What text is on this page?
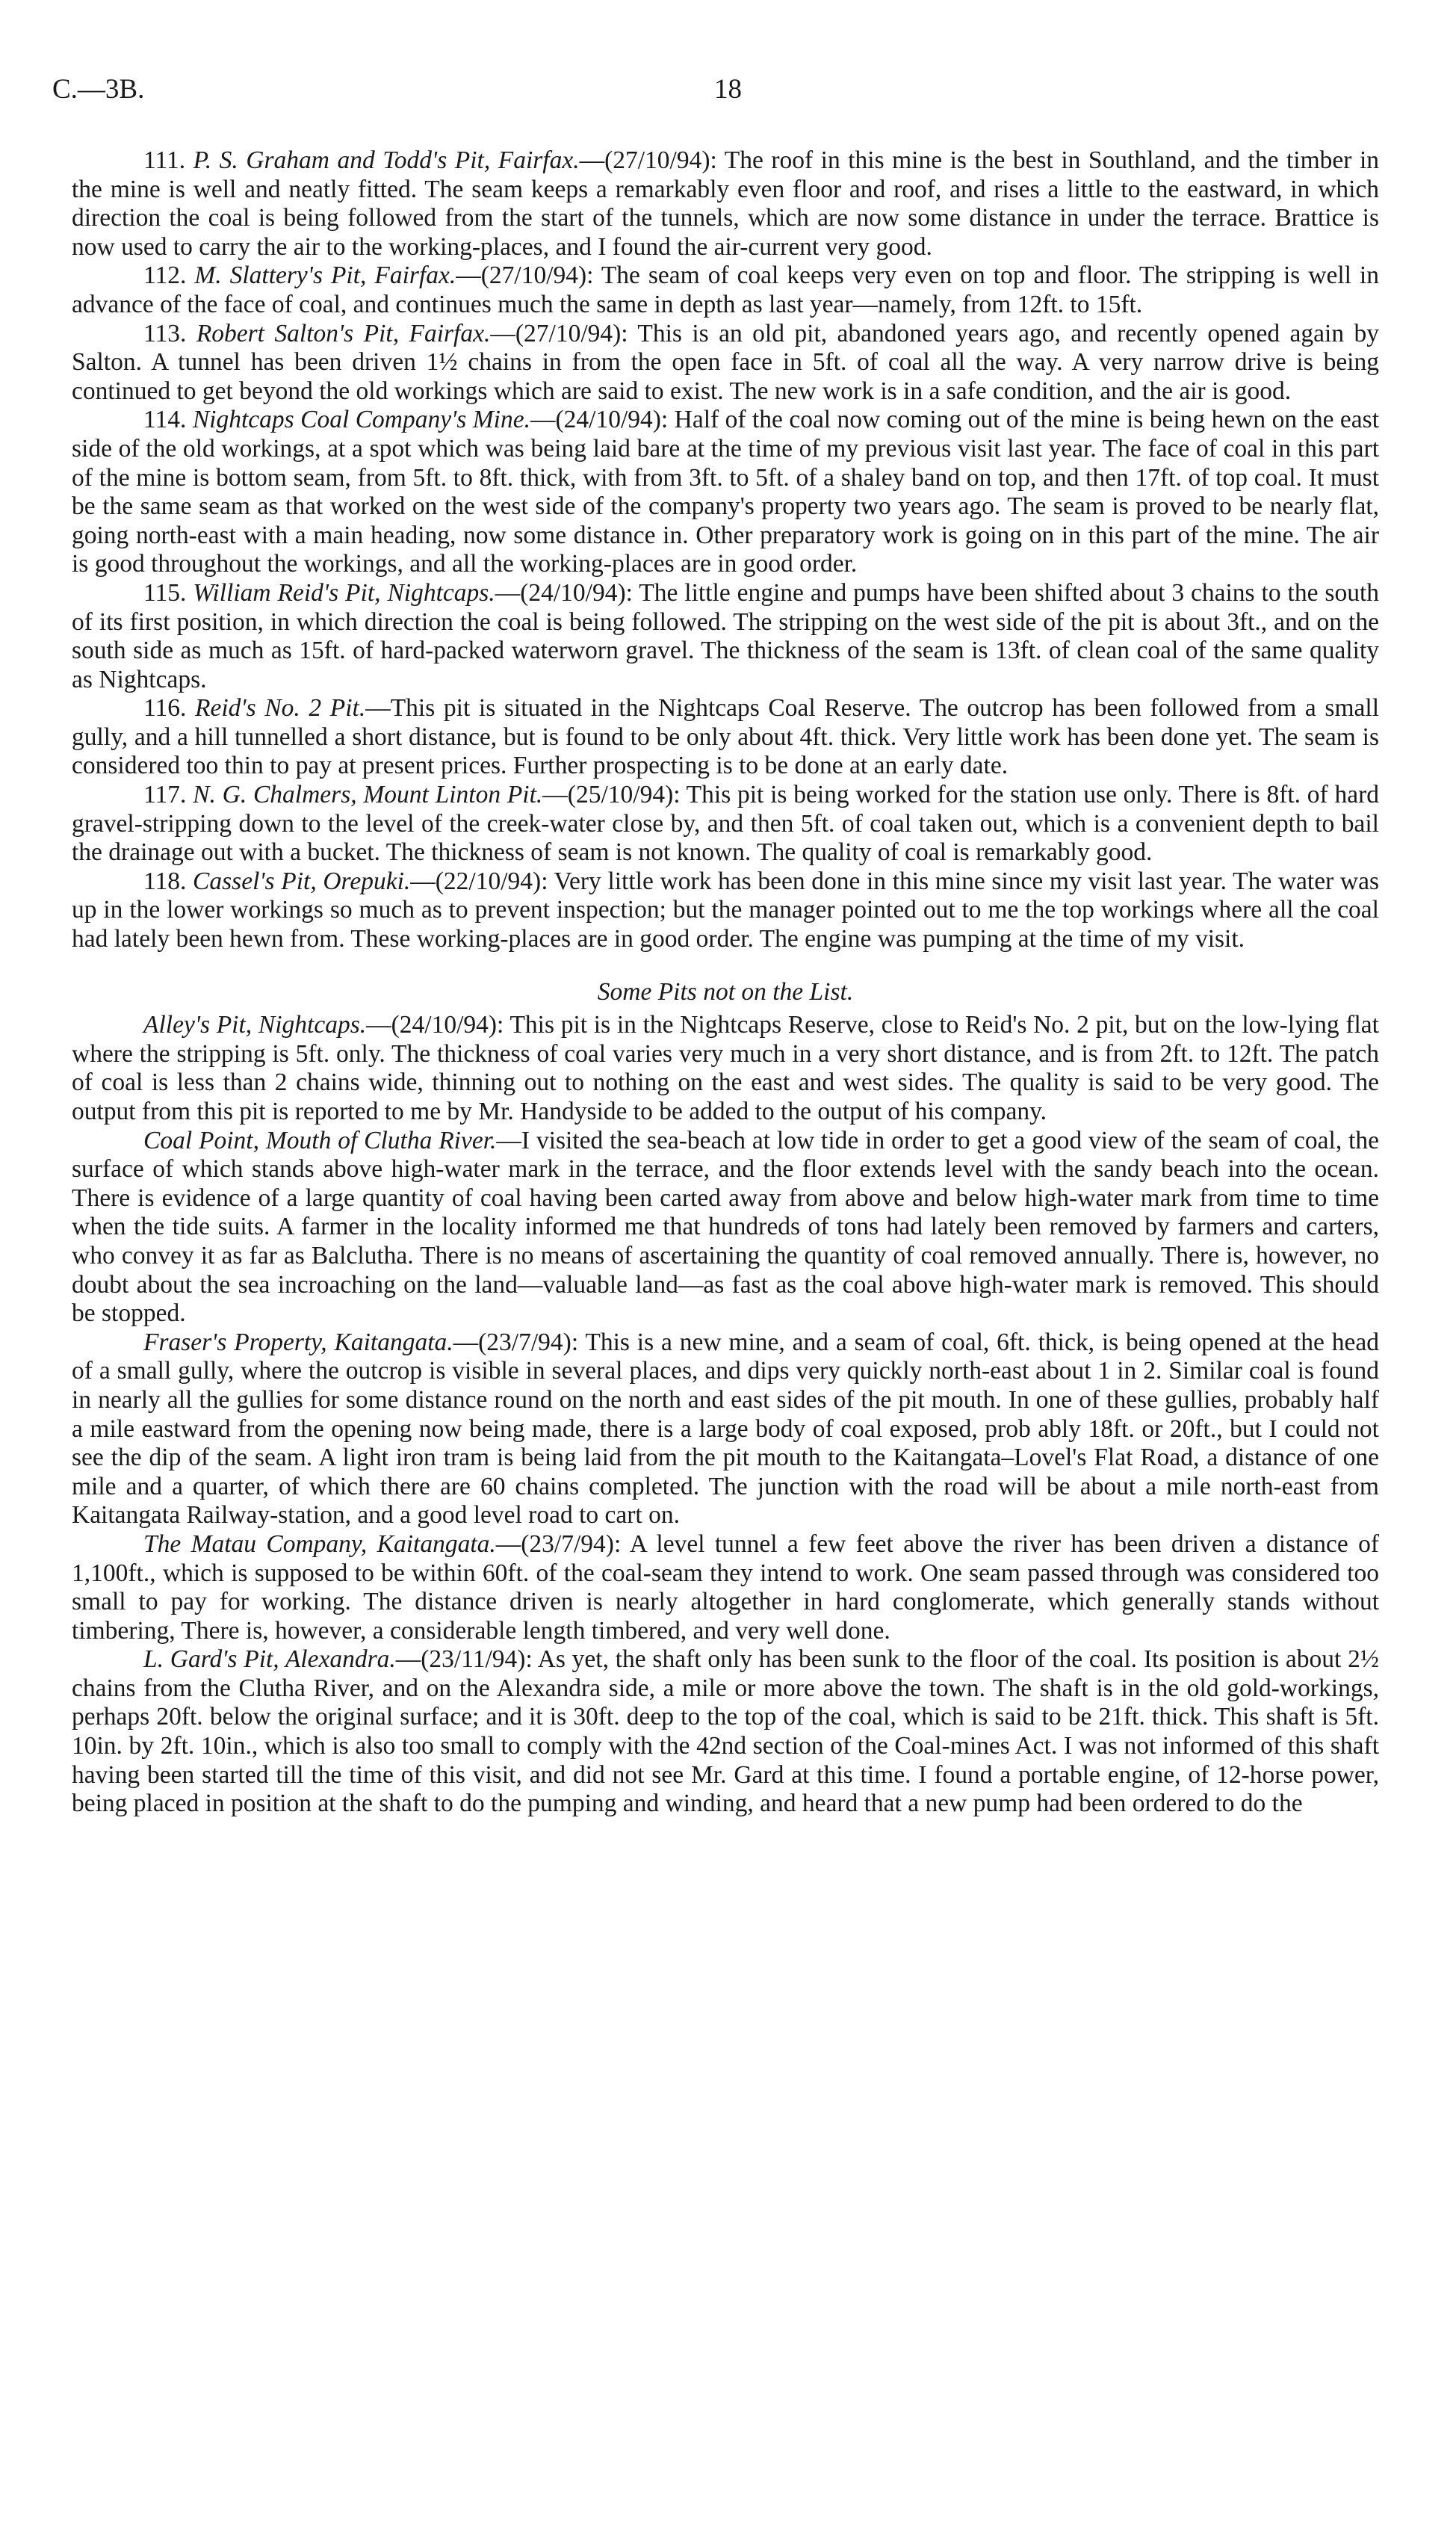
C.—3B.	18

111. P. S. Graham and Todd's Pit, Fairfax.—(27/10/94): The roof in this mine is the best in Southland, and the timber in the mine is well and neatly fitted. The seam keeps a remarkably even floor and roof, and rises a little to the eastward, in which direction the coal is being followed from the start of the tunnels, which are now some distance in under the terrace. Brattice is now used to carry the air to the working-places, and I found the air-current very good.

112. M. Slattery's Pit, Fairfax.—(27/10/94): The seam of coal keeps very even on top and floor. The stripping is well in advance of the face of coal, and continues much the same in depth as last year—namely, from 12ft. to 15ft.

113. Robert Salton's Pit, Fairfax.—(27/10/94): This is an old pit, abandoned years ago, and recently opened again by Salton. A tunnel has been driven 1½ chains in from the open face in 5ft. of coal all the way. A very narrow drive is being continued to get beyond the old workings which are said to exist. The new work is in a safe condition, and the air is good.

114. Nightcaps Coal Company's Mine.—(24/10/94): Half of the coal now coming out of the mine is being hewn on the east side of the old workings, at a spot which was being laid bare at the time of my previous visit last year. The face of coal in this part of the mine is bottom seam, from 5ft. to 8ft. thick, with from 3ft. to 5ft. of a shaley band on top, and then 17ft. of top coal. It must be the same seam as that worked on the west side of the company's property two years ago. The seam is proved to be nearly flat, going north-east with a main heading, now some distance in. Other preparatory work is going on in this part of the mine. The air is good throughout the workings, and all the working-places are in good order.

115. William Reid's Pit, Nightcaps.—(24/10/94): The little engine and pumps have been shifted about 3 chains to the south of its first position, in which direction the coal is being followed. The stripping on the west side of the pit is about 3ft., and on the south side as much as 15ft. of hard-packed waterworn gravel. The thickness of the seam is 13ft. of clean coal of the same quality as Nightcaps.

116. Reid's No. 2 Pit.—This pit is situated in the Nightcaps Coal Reserve. The outcrop has been followed from a small gully, and a hill tunnelled a short distance, but is found to be only about 4ft. thick. Very little work has been done yet. The seam is considered too thin to pay at present prices. Further prospecting is to be done at an early date.

117. N. G. Chalmers, Mount Linton Pit.—(25/10/94): This pit is being worked for the station use only. There is 8ft. of hard gravel-stripping down to the level of the creek-water close by, and then 5ft. of coal taken out, which is a convenient depth to bail the drainage out with a bucket. The thickness of seam is not known. The quality of coal is remarkably good.

118. Cassel's Pit, Orepuki.—(22/10/94): Very little work has been done in this mine since my visit last year. The water was up in the lower workings so much as to prevent inspection; but the manager pointed out to me the top workings where all the coal had lately been hewn from. These working-places are in good order. The engine was pumping at the time of my visit.

Some Pits not on the List.

Alley's Pit, Nightcaps.—(24/10/94): This pit is in the Nightcaps Reserve, close to Reid's No. 2 pit, but on the low-lying flat where the stripping is 5ft. only. The thickness of coal varies very much in a very short distance, and is from 2ft. to 12ft. The patch of coal is less than 2 chains wide, thinning out to nothing on the east and west sides. The quality is said to be very good. The output from this pit is reported to me by Mr. Handyside to be added to the output of his company.

Coal Point, Mouth of Clutha River.—I visited the sea-beach at low tide in order to get a good view of the seam of coal, the surface of which stands above high-water mark in the terrace, and the floor extends level with the sandy beach into the ocean. There is evidence of a large quantity of coal having been carted away from above and below high-water mark from time to time when the tide suits. A farmer in the locality informed me that hundreds of tons had lately been removed by farmers and carters, who convey it as far as Balclutha. There is no means of ascertaining the quantity of coal removed annually. There is, however, no doubt about the sea incroaching on the land—valuable land—as fast as the coal above high-water mark is removed. This should be stopped.

Fraser's Property, Kaitangata.—(23/7/94): This is a new mine, and a seam of coal, 6ft. thick, is being opened at the head of a small gully, where the outcrop is visible in several places, and dips very quickly north-east about 1 in 2. Similar coal is found in nearly all the gullies for some distance round on the north and east sides of the pit mouth. In one of these gullies, probably half a mile eastward from the opening now being made, there is a large body of coal exposed, prob ably 18ft. or 20ft., but I could not see the dip of the seam. A light iron tram is being laid from the pit mouth to the Kaitangata–Lovel's Flat Road, a distance of one mile and a quarter, of which there are 60 chains completed. The junction with the road will be about a mile north-east from Kaitangata Railway-station, and a good level road to cart on.

The Matau Company, Kaitangata.—(23/7/94): A level tunnel a few feet above the river has been driven a distance of 1,100ft., which is supposed to be within 60ft. of the coal-seam they intend to work. One seam passed through was considered too small to pay for working. The distance driven is nearly altogether in hard conglomerate, which generally stands without timbering, There is, however, a considerable length timbered, and very well done.

L. Gard's Pit, Alexandra.—(23/11/94): As yet, the shaft only has been sunk to the floor of the coal. Its position is about 2½ chains from the Clutha River, and on the Alexandra side, a mile or more above the town. The shaft is in the old gold-workings, perhaps 20ft. below the original surface; and it is 30ft. deep to the top of the coal, which is said to be 21ft. thick. This shaft is 5ft. 10in. by 2ft. 10in., which is also too small to comply with the 42nd section of the Coal-mines Act. I was not informed of this shaft having been started till the time of this visit, and did not see Mr. Gard at this time. I found a portable engine, of 12-horse power, being placed in position at the shaft to do the pumping and winding, and heard that a new pump had been ordered to do the
